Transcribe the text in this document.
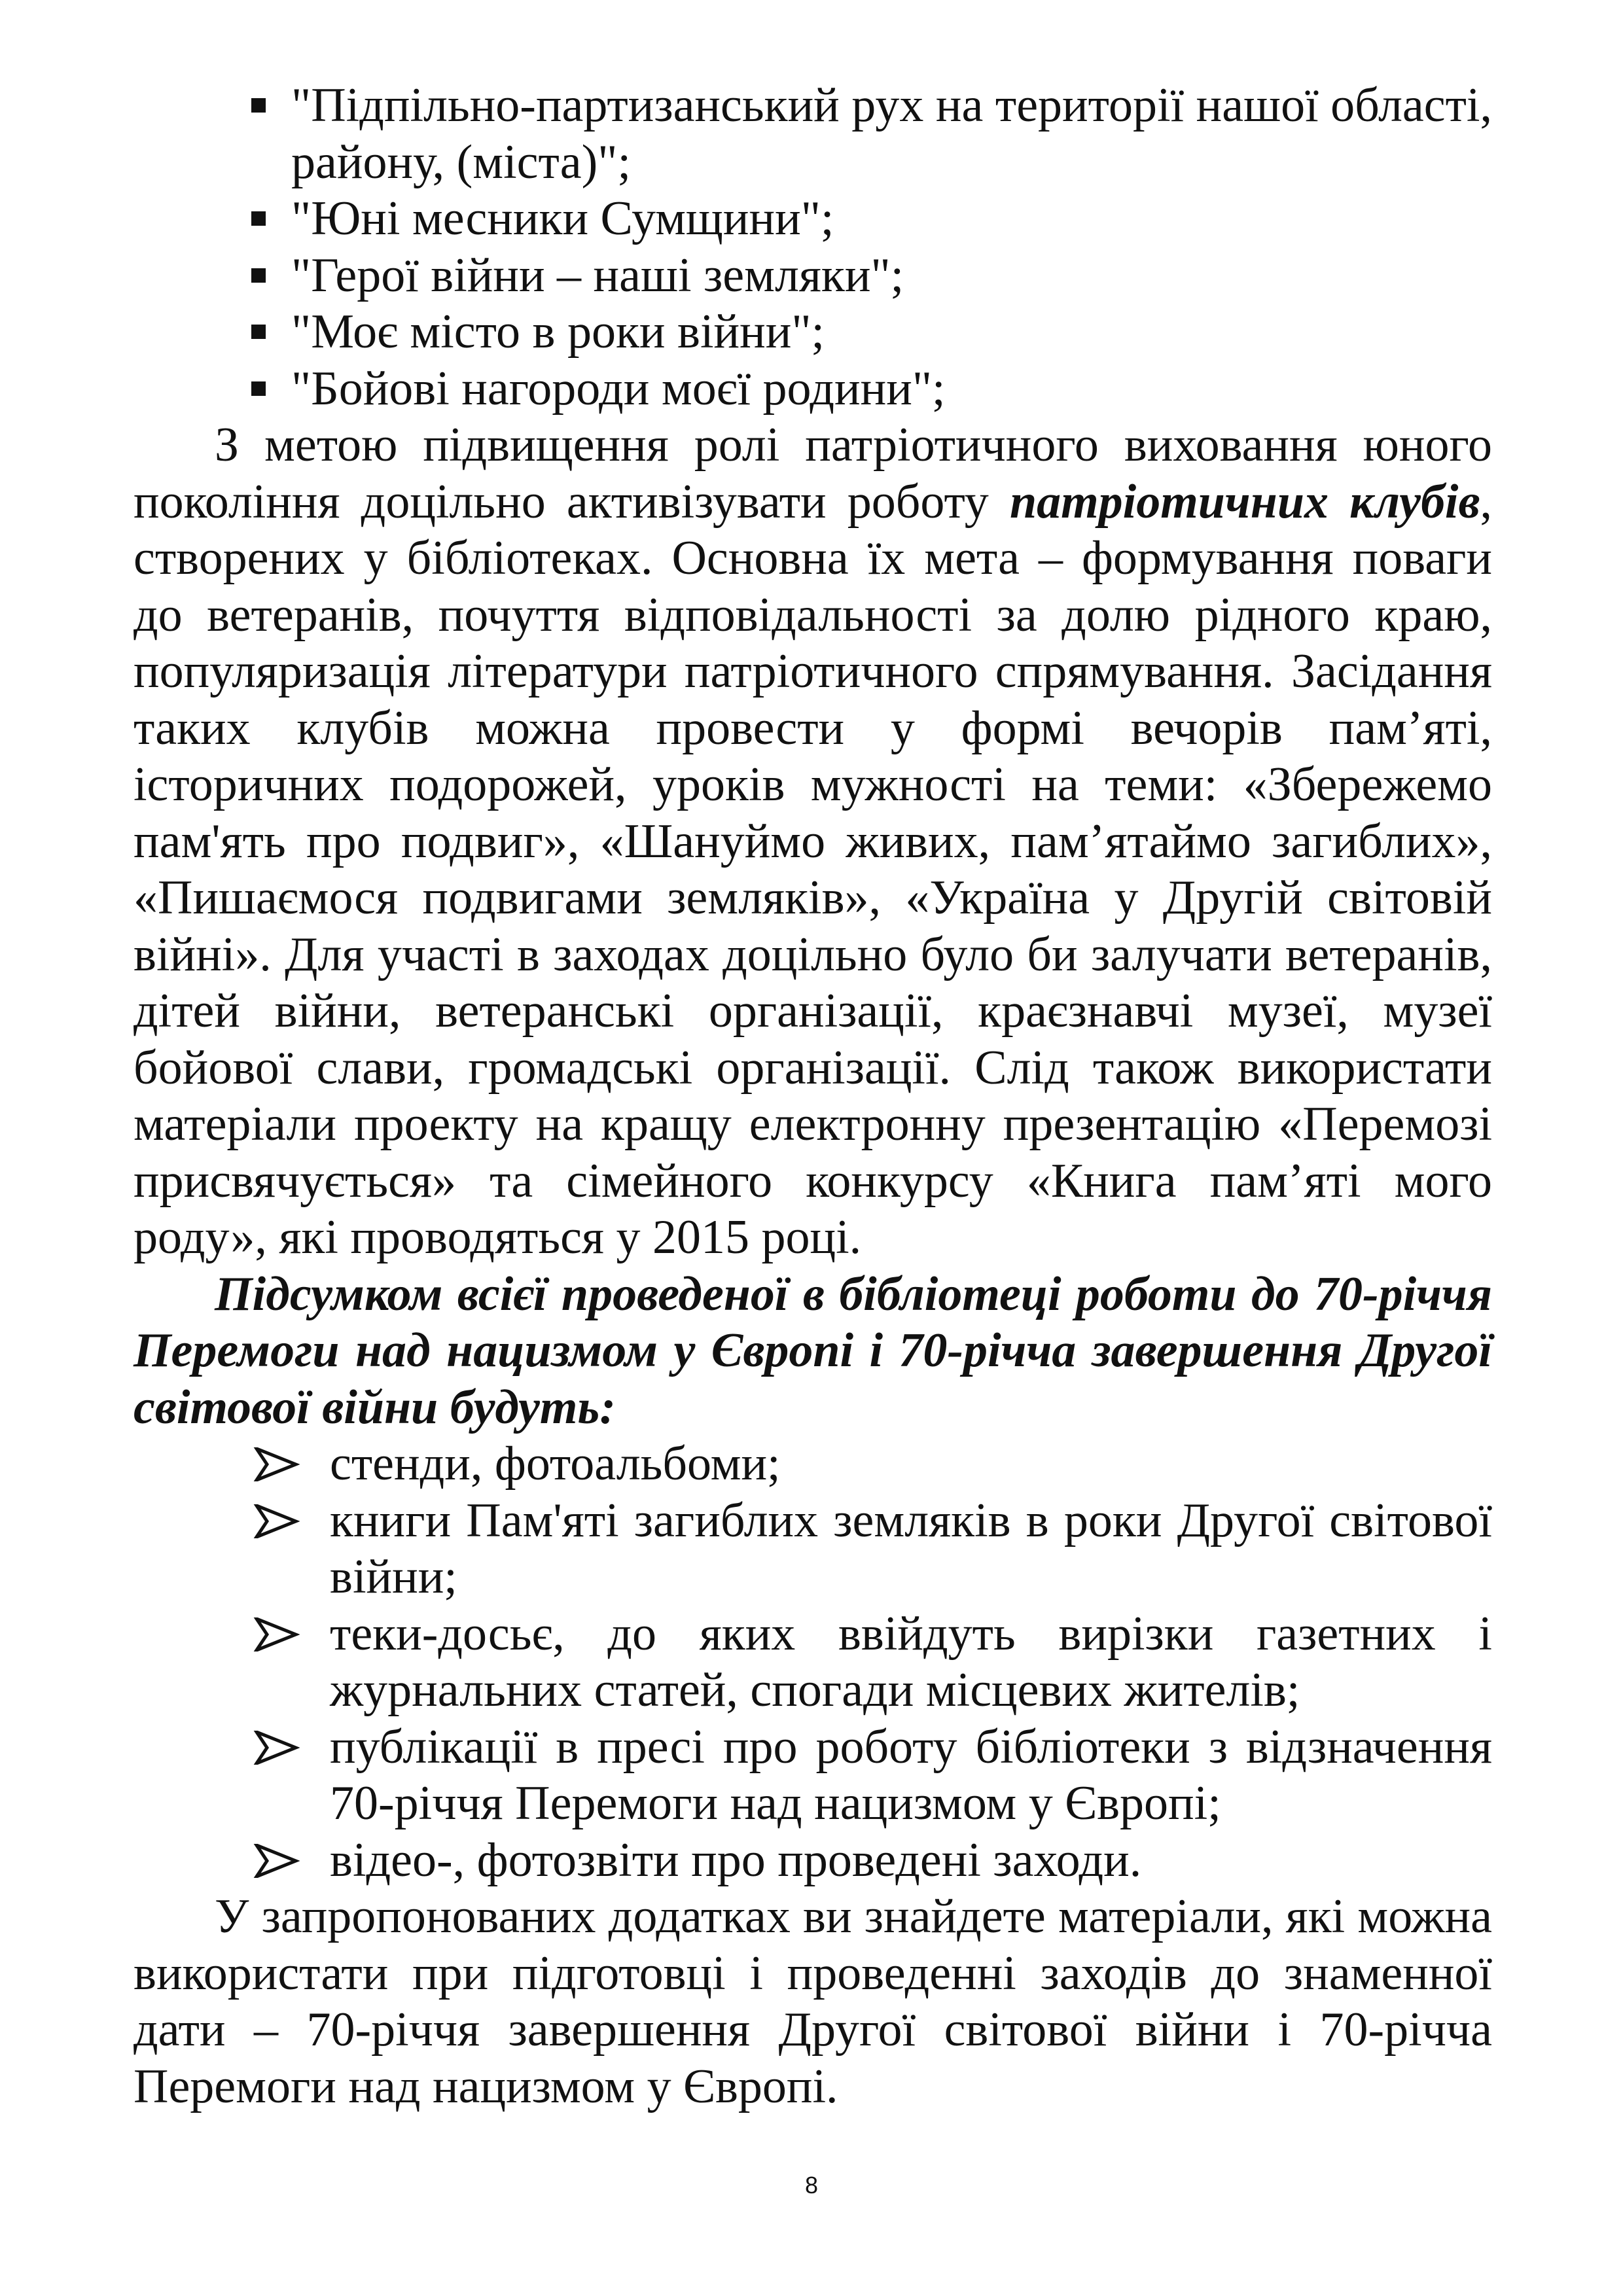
"Підпільно-партизанський рух на території нашої області, району, (міста)";
"Юні месники Сумщини";
"Герої війни – наші земляки";
"Моє місто в роки війни";
"Бойові нагороди моєї родини";

З метою підвищення ролі патріотичного виховання юного покоління доцільно активізувати роботу патріотичних клубів, створених у бібліотеках. Основна їх мета – формування поваги до ветеранів, почуття відповідальності за долю рідного краю, популяризація літератури патріотичного спрямування. Засідання таких клубів можна провести у формі вечорів пам’яті, історичних подорожей, уроків мужності на теми: «Збережемо пам'ять про подвиг», «Шануймо живих, пам’ятаймо загиблих», «Пишаємося подвигами земляків», «Україна у Другій світовій війні». Для участі в заходах доцільно було би залучати ветеранів, дітей війни, ветеранські організації, краєзнавчі музеї, музеї бойової слави, громадські організації. Слід також використати матеріали проекту на кращу електронну презентацію «Перемозі присвячується» та сімейного конкурсу «Книга пам’яті мого роду», які проводяться у 2015 році.

Підсумком всієї проведеної в бібліотеці роботи до 70-річчя Перемоги над нацизмом у Європі і 70-річча завершення Другої світової війни будуть:

стенди, фотоальбоми;
книги Пам'яті загиблих земляків в роки Другої світової війни;
теки-досьє, до яких ввійдуть вирізки газетних і журнальних статей, спогади місцевих жителів;
публікації в пресі про роботу бібліотеки з відзначення 70-річчя Перемоги над нацизмом у Європі;
відео-, фотозвіти про проведені заходи.

У запропонованих додатках ви знайдете матеріали, які можна використати при підготовці і проведенні заходів до знаменної дати – 70-річчя завершення Другої світової війни і 70-річча Перемоги над нацизмом у Європі.

8
